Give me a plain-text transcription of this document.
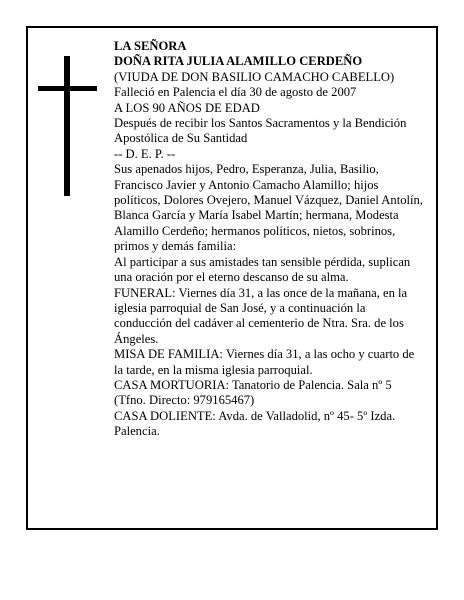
LA SEÑORA

DOÑA RITA JULIA ALAMILLO CERDEÑO

(VIUDA DE DON BASILIO CAMACHO CABELLO)

Falleció en Palencia el día 30 de agosto de 2007

A LOS 90 AÑOS DE EDAD

Después de recibir los Santos Sacramentos y la Bendición Apostólica de Su Santidad

-- D. E. P. --

Sus apenados hijos, Pedro, Esperanza, Julia, Basilio, Francisco Javier y Antonio Camacho Alamillo; hijos políticos, Dolores Ovejero, Manuel Vázquez, Daniel Antolín, Blanca García y María Isabel Martín; hermana, Modesta Alamillo Cerdeño; hermanos políticos, nietos, sobrinos, primos y demás familia:

Al participar a sus amistades tan sensible pérdida, suplican una oración por el eterno descanso de su alma.

FUNERAL: Viernes día 31, a las once de la mañana, en la iglesia parroquial de San José, y a continuación la conducción del cadáver al cementerio de Ntra. Sra. de los Ángeles.

MISA DE FAMILIA: Viernes día 31, a las ocho y cuarto de la tarde, en la misma iglesia parroquial.

CASA MORTUORIA: Tanatorio de Palencia. Sala nº 5 (Tfno. Directo: 979165467)

CASA DOLIENTE: Avda. de Valladolid, nº 45- 5º Izda. Palencia.
